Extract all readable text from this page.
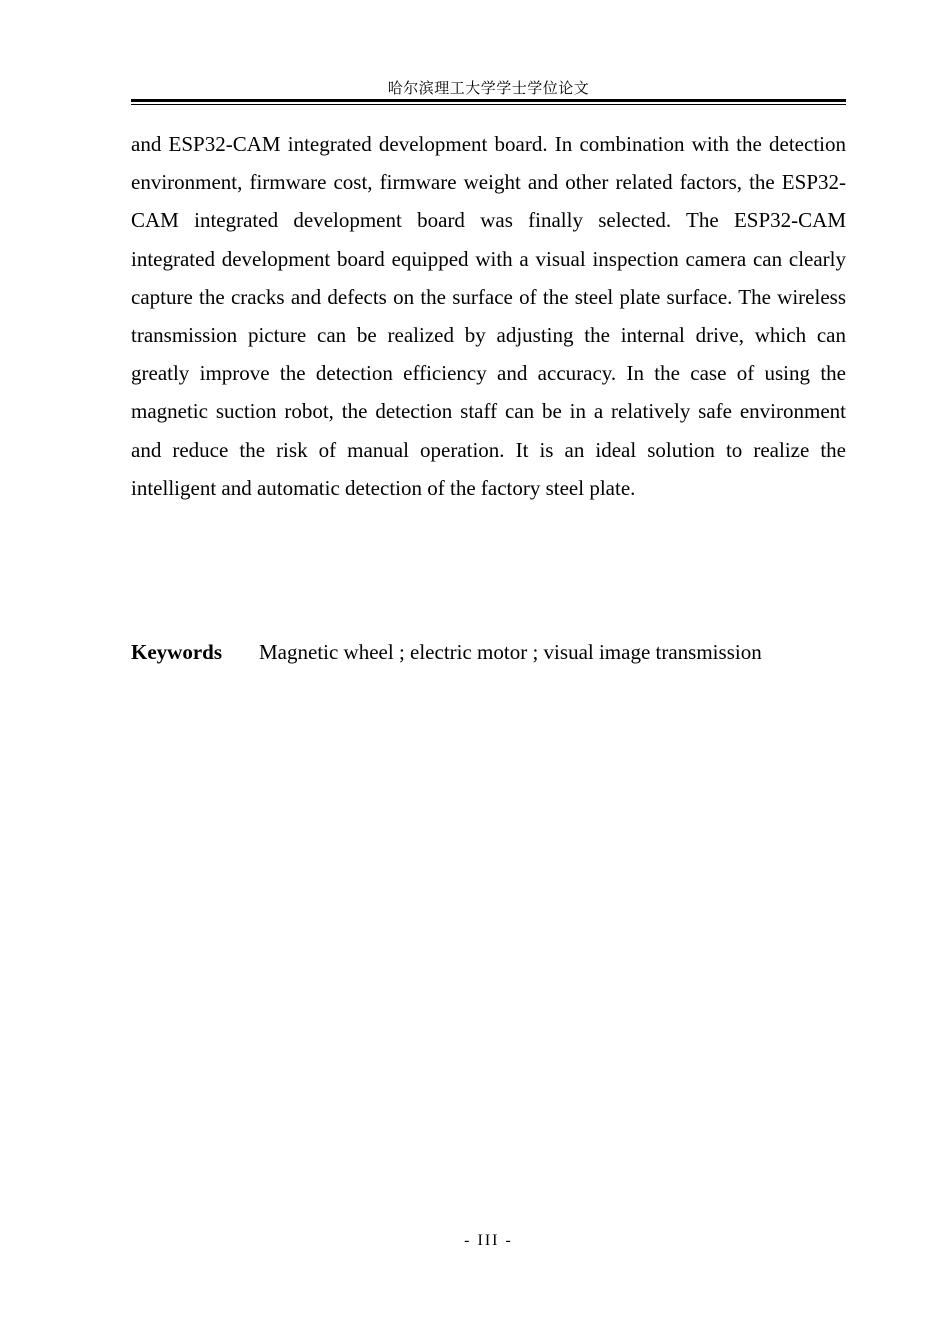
哈尔滨理工大学学士学位论文

and ESP32-CAM integrated development board. In combination with the detection environment, firmware cost, firmware weight and other related factors, the ESP32-CAM integrated development board was finally selected. The ESP32-CAM integrated development board equipped with a visual inspection camera can clearly capture the cracks and defects on the surface of the steel plate surface. The wireless transmission picture can be realized by adjusting the internal drive, which can greatly improve the detection efficiency and accuracy. In the case of using the magnetic suction robot, the detection staff can be in a relatively safe environment and reduce the risk of manual operation. It is an ideal solution to realize the intelligent and automatic detection of the factory steel plate.

Keywords Magnetic wheel ; electric motor ; visual image transmission
- III -
